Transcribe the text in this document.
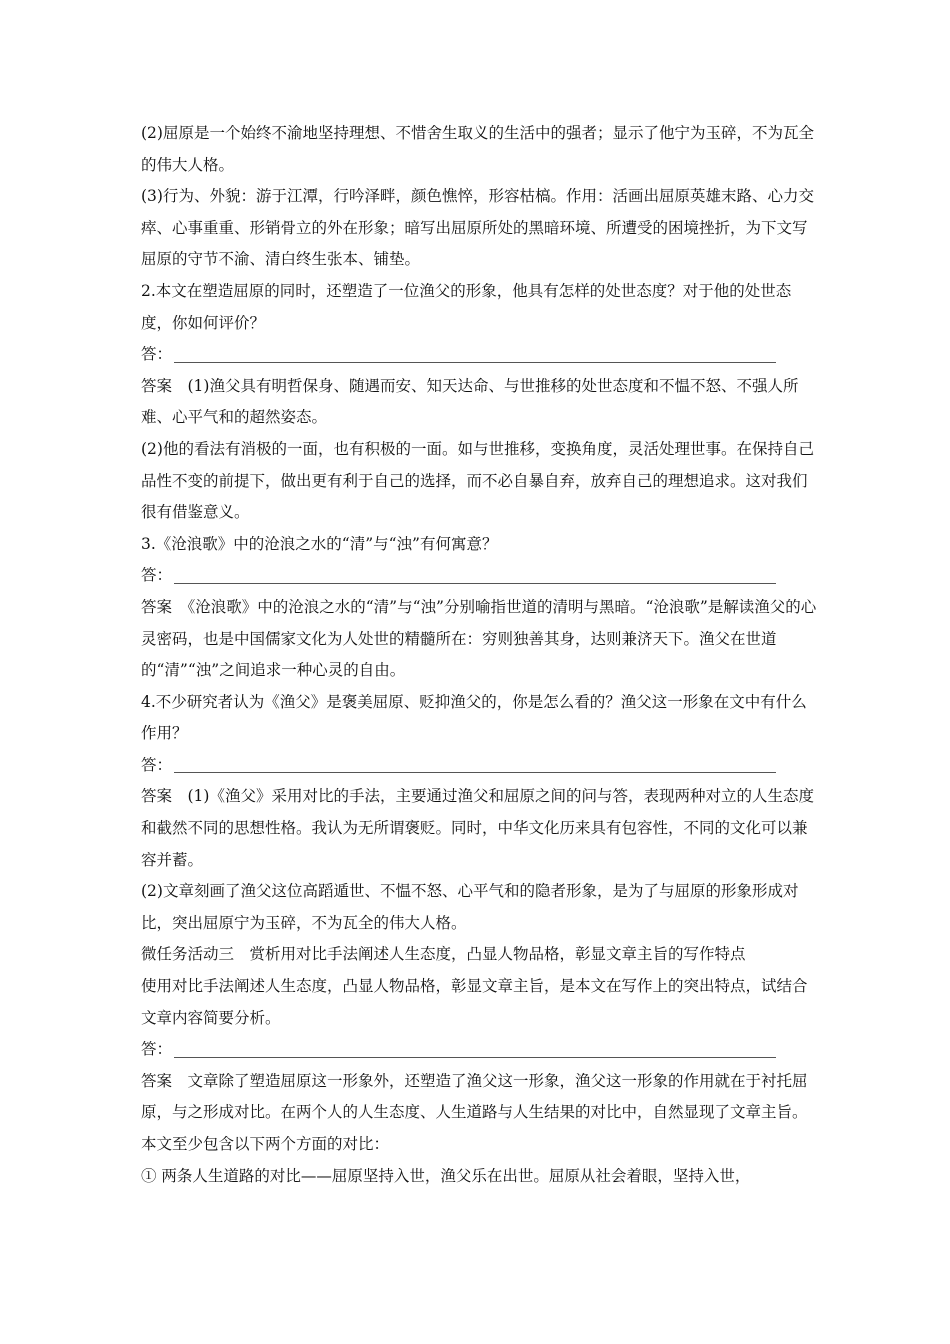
(2)屈原是一个始终不渝地坚持理想、不惜舍生取义的生活中的强者；显示了他宁为玉碎，不为瓦全的伟大人格。

(3)行为、外貌：游于江潭，行吟泽畔，颜色憔悴，形容枯槁。作用：活画出屈原英雄末路、心力交瘁、心事重重、形销骨立的外在形象；暗写出屈原所处的黑暗环境、所遭受的困境挫折，为下文写屈原的守节不渝、清白终生张本、铺垫。

2.本文在塑造屈原的同时，还塑造了一位渔父的形象，他具有怎样的处世态度？对于他的处世态度，你如何评价？

答：

答案　(1)渔父具有明哲保身、随遇而安、知天达命、与世推移的处世态度和不愠不怒、不强人所难、心平气和的超然姿态。

(2)他的看法有消极的一面，也有积极的一面。如与世推移，变换角度，灵活处理世事。在保持自己品性不变的前提下，做出更有利于自己的选择，而不必自暴自弃，放弃自己的理想追求。这对我们很有借鉴意义。

3.《沧浪歌》中的沧浪之水的“清”与“浊”有何寓意？

答：

答案　《沧浪歌》中的沧浪之水的“清”与“浊”分别喻指世道的清明与黑暗。“沧浪歌”是解读渔父的心灵密码，也是中国儒家文化为人处世的精髓所在：穷则独善其身，达则兼济天下。渔父在世道的“清”“浊”之间追求一种心灵的自由。

4.不少研究者认为《渔父》是褒美屈原、贬抑渔父的，你是怎么看的？渔父这一形象在文中有什么作用？

答：

答案　(1)《渔父》采用对比的手法，主要通过渔父和屈原之间的问与答，表现两种对立的人生态度和截然不同的思想性格。我认为无所谓褒贬。同时，中华文化历来具有包容性，不同的文化可以兼容并蓄。

(2)文章刻画了渔父这位高蹈遁世、不愠不怒、心平气和的隐者形象，是为了与屈原的形象形成对比，突出屈原宁为玉碎，不为瓦全的伟大人格。

微任务活动三　赏析用对比手法阐述人生态度，凸显人物品格，彰显文章主旨的写作特点

使用对比手法阐述人生态度，凸显人物品格，彰显文章主旨，是本文在写作上的突出特点，试结合文章内容简要分析。

答：

答案　文章除了塑造屈原这一形象外，还塑造了渔父这一形象，渔父这一形象的作用就在于衬托屈原，与之形成对比。在两个人的人生态度、人生道路与人生结果的对比中，自然显现了文章主旨。本文至少包含以下两个方面的对比：

① 两条人生道路的对比——屈原坚持入世，渔父乐在出世。屈原从社会着眼，坚持入世，
